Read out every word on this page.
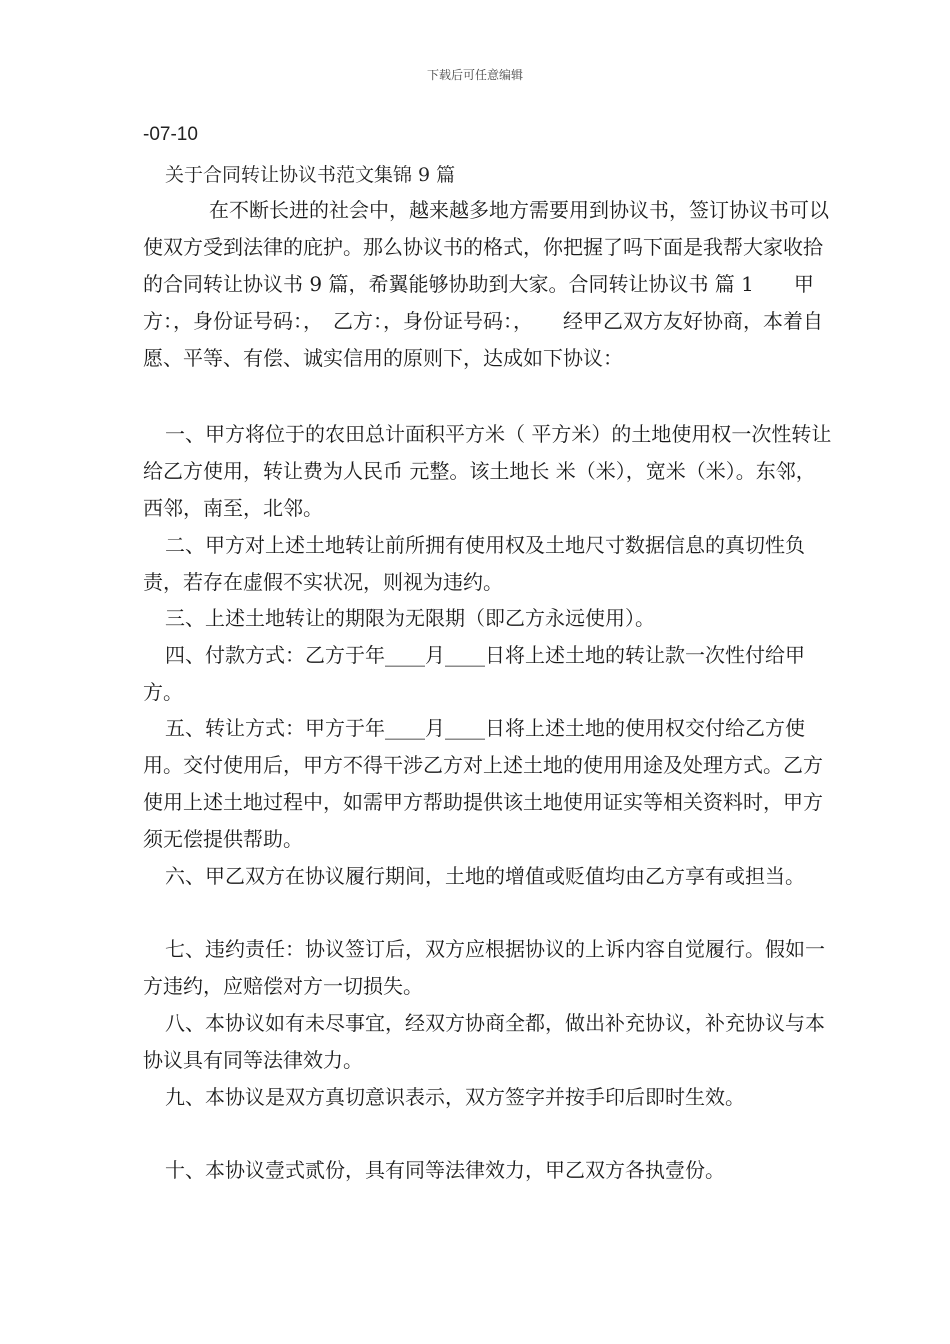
下载后可任意编辑
-07-10
关于合同转让协议书范文集锦 9 篇

在不断长进的社会中，越来越多地方需要用到协议书，签订协议书可以使双方受到法律的庇护。那么协议书的格式，你把握了吗下面是我帮大家收拾的合同转让协议书 9 篇，希翼能够协助到大家。合同转让协议书 篇 1　　甲方：，身份证号码：，　乙方：，身份证号码：，　　经甲乙双方友好协商，本着自愿、平等、有偿、诚实信用的原则下，达成如下协议：

一、甲方将位于的农田总计面积平方米（ 平方米）的土地使用权一次性转让给乙方使用，转让费为人民币 元整。该土地长 米（米），宽米（米）。东邻，西邻，南至，北邻。

二、甲方对上述土地转让前所拥有使用权及土地尺寸数据信息的真切性负责，若存在虚假不实状况，则视为违约。

三、上述土地转让的期限为无限期（即乙方永远使用）。

四、付款方式：乙方于年____月____日将上述土地的转让款一次性付给甲方。

五、转让方式：甲方于年____月____日将上述土地的使用权交付给乙方使用。交付使用后，甲方不得干涉乙方对上述土地的使用用途及处理方式。乙方使用上述土地过程中，如需甲方帮助提供该土地使用证实等相关资料时，甲方须无偿提供帮助。

六、甲乙双方在协议履行期间，土地的增值或贬值均由乙方享有或担当。

七、违约责任：协议签订后，双方应根据协议的上诉内容自觉履行。假如一方违约，应赔偿对方一切损失。

八、本协议如有未尽事宜，经双方协商全都，做出补充协议，补充协议与本协议具有同等法律效力。

九、本协议是双方真切意识表示，双方签字并按手印后即时生效。

十、本协议壹式贰份，具有同等法律效力，甲乙双方各执壹份。
